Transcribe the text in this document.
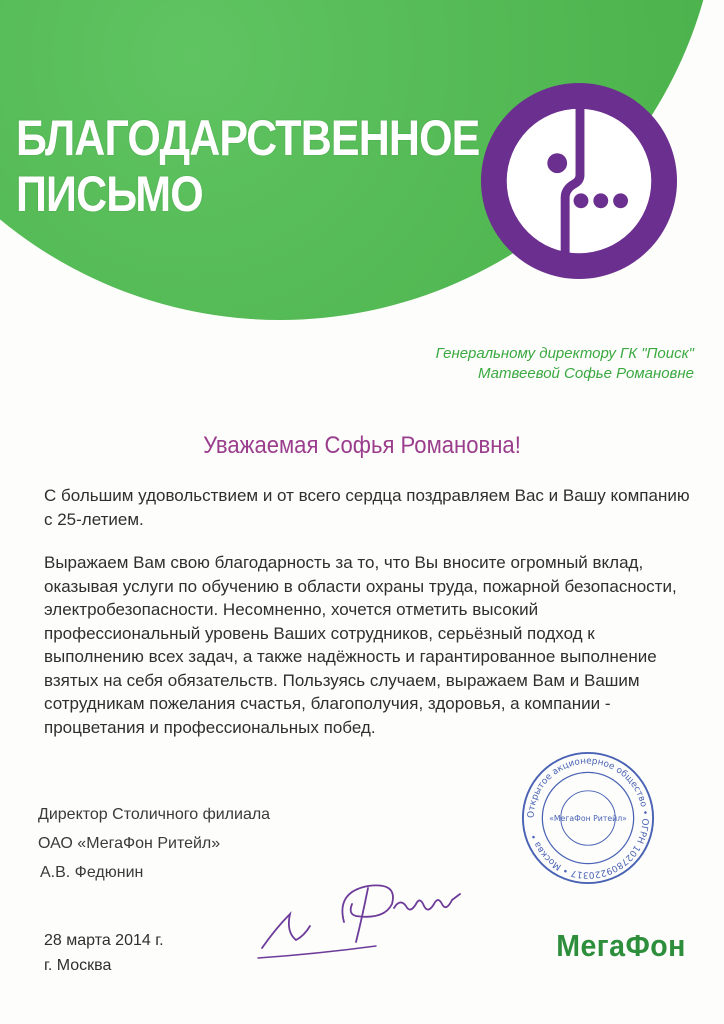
БЛАГОДАРСТВЕННОЕ
ПИСЬМО
Генеральному директору ГК "Поиск"
Матвеевой Софье Романовне
Уважаемая Софья Романовна!

С большим удовольствием и от всего сердца поздравляем Вас и Вашу компанию с 25-летием.

Выражаем Вам свою благодарность за то, что Вы вносите огромный вклад, оказывая услуги по обучению в области охраны труда, пожарной безопасности, электробезопасности. Несомненно, хочется отметить высокий профессиональный уровень Ваших сотрудников, серьёзный подход к выполнению всех задач, а также надёжность и гарантированное выполнение взятых на себя обязательств. Пользуясь случаем, выражаем Вам и Вашим сотрудникам пожелания счастья, благополучия, здоровья, а компании - процветания и профессиональных побед.

Директор Столичного филиала
ОАО «МегаФон Ритейл»
А.В. Федюнин
28 марта 2014 г.
г. Москва
Открытое акционерное общество • ОГРН 1027809220317 • Москва •
«МегаФон Ритейл»
МегаФон
